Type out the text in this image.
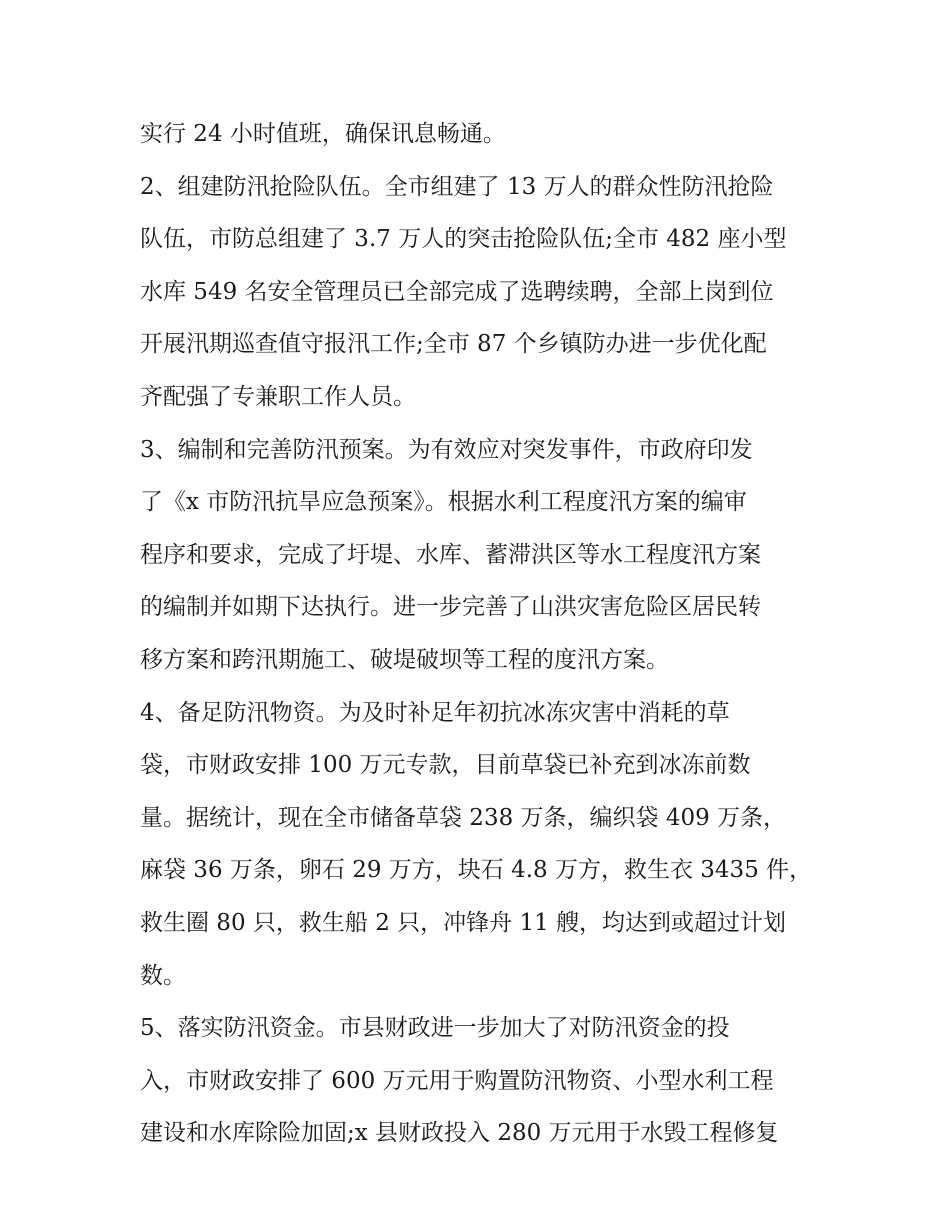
实行 24 小时值班，确保讯息畅通。
2、组建防汛抢险队伍。全市组建了 13 万人的群众性防汛抢险
队伍，市防总组建了 3.7 万人的突击抢险队伍;全市 482 座小型
水库 549 名安全管理员已全部完成了选聘续聘，全部上岗到位
开展汛期巡查值守报汛工作;全市 87 个乡镇防办进一步优化配
齐配强了专兼职工作人员。
3、编制和完善防汛预案。为有效应对突发事件，市政府印发
了《x 市防汛抗旱应急预案》。根据水利工程度汛方案的编审
程序和要求，完成了圩堤、水库、蓄滞洪区等水工程度汛方案
的编制并如期下达执行。进一步完善了山洪灾害危险区居民转
移方案和跨汛期施工、破堤破坝等工程的度汛方案。
4、备足防汛物资。为及时补足年初抗冰冻灾害中消耗的草
袋，市财政安排 100 万元专款，目前草袋已补充到冰冻前数
量。据统计，现在全市储备草袋 238 万条，编织袋 409 万条，
麻袋 36 万条，卵石 29 万方，块石 4.8 万方，救生衣 3435 件，
救生圈 80 只，救生船 2 只，冲锋舟 11 艘，均达到或超过计划
数。
5、落实防汛资金。市县财政进一步加大了对防汛资金的投
入，市财政安排了 600 万元用于购置防汛物资、小型水利工程
建设和水库除险加固;x 县财政投入 280 万元用于水毁工程修复
